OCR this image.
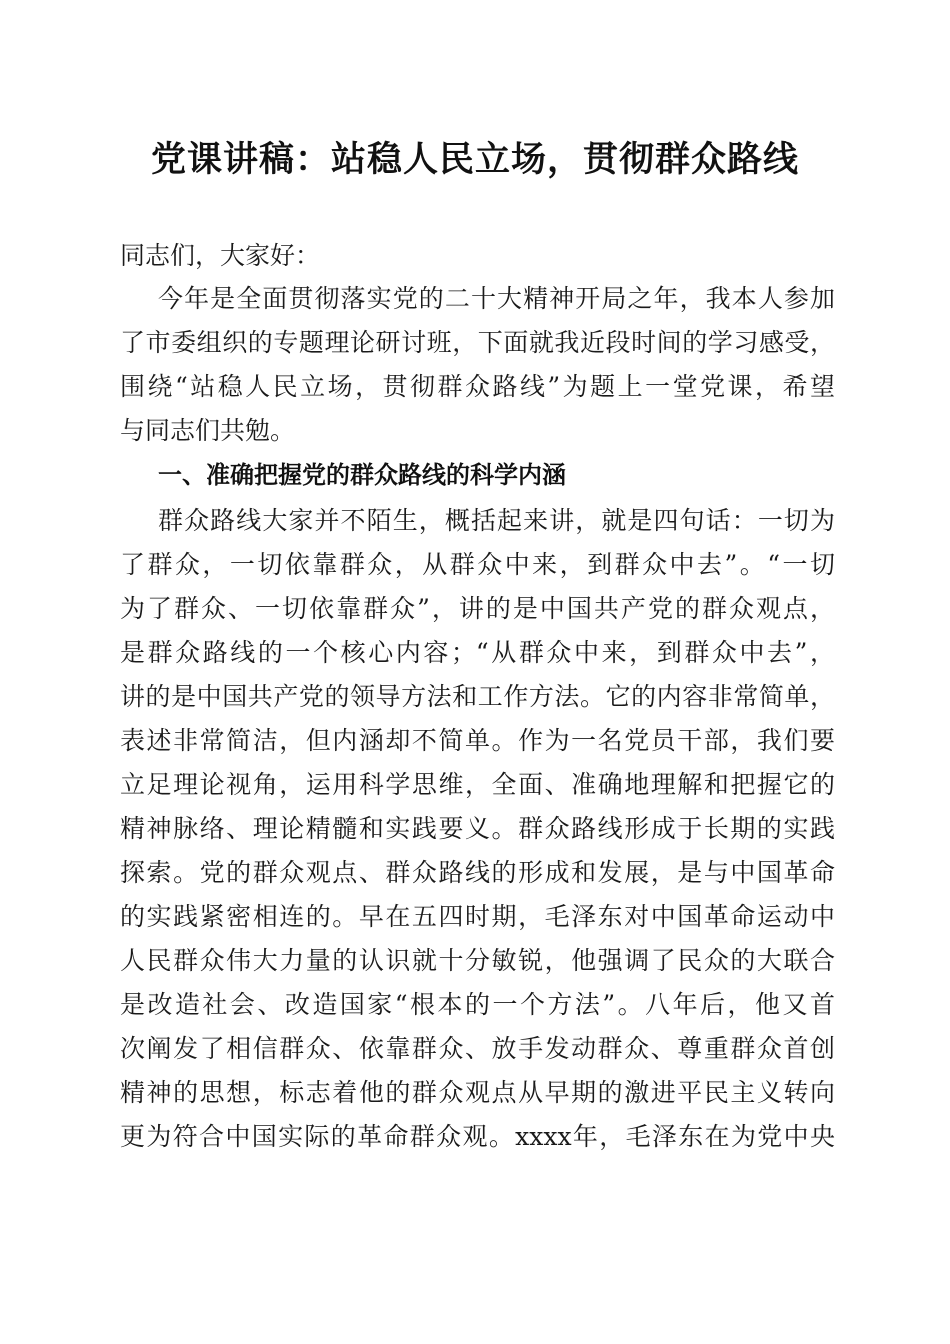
党课讲稿：站稳人民立场，贯彻群众路线
同志们，大家好：
今年是全面贯彻落实党的二十大精神开局之年，我本人参加
了市委组织的专题理论研讨班，下面就我近段时间的学习感受，
围绕“站稳人民立场，贯彻群众路线”为题上一堂党课，希望
与同志们共勉。
一、准确把握党的群众路线的科学内涵
群众路线大家并不陌生，概括起来讲，就是四句话：一切为
了群众，一切依靠群众，从群众中来，到群众中去”。“一切
为了群众、一切依靠群众”，讲的是中国共产党的群众观点，
是群众路线的一个核心内容；“从群众中来，到群众中去”，
讲的是中国共产党的领导方法和工作方法。它的内容非常简单，
表述非常简洁，但内涵却不简单。作为一名党员干部，我们要
立足理论视角，运用科学思维，全面、准确地理解和把握它的
精神脉络、理论精髓和实践要义。群众路线形成于长期的实践
探索。党的群众观点、群众路线的形成和发展，是与中国革命
的实践紧密相连的。早在五四时期，毛泽东对中国革命运动中
人民群众伟大力量的认识就十分敏锐，他强调了民众的大联合
是改造社会、改造国家“根本的一个方法”。八年后，他又首
次阐发了相信群众、依靠群众、放手发动群众、尊重群众首创
精神的思想，标志着他的群众观点从早期的激进平民主义转向
更为符合中国实际的革命群众观。xxxx年，毛泽东在为党中央
